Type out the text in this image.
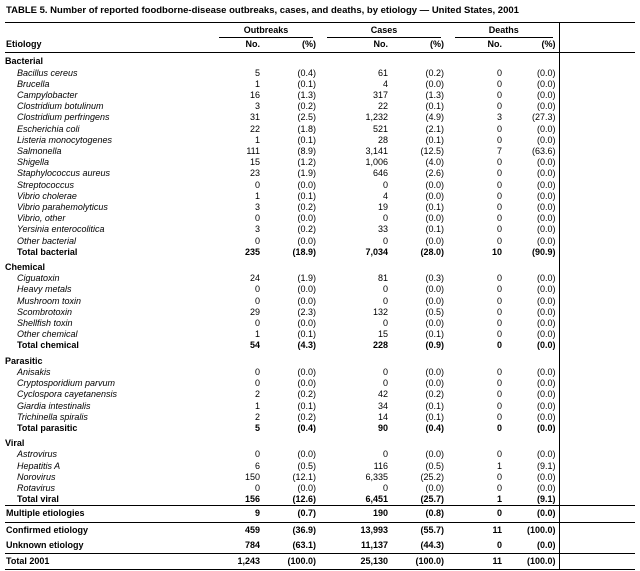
TABLE 5. Number of reported foodborne-disease outbreaks, cases, and deaths, by etiology — United States, 2001

	Outbreaks		Cases		Deaths		

Etiology	No.	(%)	No.	(%)	No.	(%)	
Bacterial							
Bacillus cereus	5	(0.4)	61	(0.2)	0	(0.0)	
Brucella	1	(0.1)	4	(0.0)	0	(0.0)	
Campylobacter	16	(1.3)	317	(1.3)	0	(0.0)	
Clostridium botulinum	3	(0.2)	22	(0.1)	0	(0.0)	
Clostridium perfringens	31	(2.5)	1,232	(4.9)	3	(27.3)	
Escherichia coli	22	(1.8)	521	(2.1)	0	(0.0)	
Listeria monocytogenes	1	(0.1)	28	(0.1)	0	(0.0)	
Salmonella	111	(8.9)	3,141	(12.5)	7	(63.6)	
Shigella	15	(1.2)	1,006	(4.0)	0	(0.0)	
Staphylococcus aureus	23	(1.9)	646	(2.6)	0	(0.0)	
Streptococcus	0	(0.0)	0	(0.0)	0	(0.0)	
Vibrio cholerae	1	(0.1)	4	(0.0)	0	(0.0)	
Vibrio parahemolyticus	3	(0.2)	19	(0.1)	0	(0.0)	
Vibrio, other	0	(0.0)	0	(0.0)	0	(0.0)	
Yersinia enterocolitica	3	(0.2)	33	(0.1)	0	(0.0)	
Other bacterial	0	(0.0)	0	(0.0)	0	(0.0)	
Total bacterial	235	(18.9)	7,034	(28.0)	10	(90.9)	
Chemical							
Ciguatoxin	24	(1.9)	81	(0.3)	0	(0.0)	
Heavy metals	0	(0.0)	0	(0.0)	0	(0.0)	
Mushroom toxin	0	(0.0)	0	(0.0)	0	(0.0)	
Scombrotoxin	29	(2.3)	132	(0.5)	0	(0.0)	
Shellfish toxin	0	(0.0)	0	(0.0)	0	(0.0)	
Other chemical	1	(0.1)	15	(0.1)	0	(0.0)	
Total chemical	54	(4.3)	228	(0.9)	0	(0.0)	
Parasitic							
Anisakis	0	(0.0)	0	(0.0)	0	(0.0)	
Cryptosporidium parvum	0	(0.0)	0	(0.0)	0	(0.0)	
Cyclospora cayetanensis	2	(0.2)	42	(0.2)	0	(0.0)	
Giardia intestinalis	1	(0.1)	34	(0.1)	0	(0.0)	
Trichinella spiralis	2	(0.2)	14	(0.1)	0	(0.0)	
Total parasitic	5	(0.4)	90	(0.4)	0	(0.0)	
Viral							
Astrovirus	0	(0.0)	0	(0.0)	0	(0.0)	
Hepatitis A	6	(0.5)	116	(0.5)	1	(9.1)	
Norovirus	150	(12.1)	6,335	(25.2)	0	(0.0)	
Rotavirus	0	(0.0)	0	(0.0)	0	(0.0)	
Total viral	156	(12.6)	6,451	(25.7)	1	(9.1)	
Multiple etiologies	9	(0.7)	190	(0.8)	0	(0.0)	
Confirmed etiology	459	(36.9)	13,993	(55.7)	11	(100.0)	
Unknown etiology	784	(63.1)	11,137	(44.3)	0	(0.0)	
Total 2001	1,243	(100.0)	25,130	(100.0)	11	(100.0)	
